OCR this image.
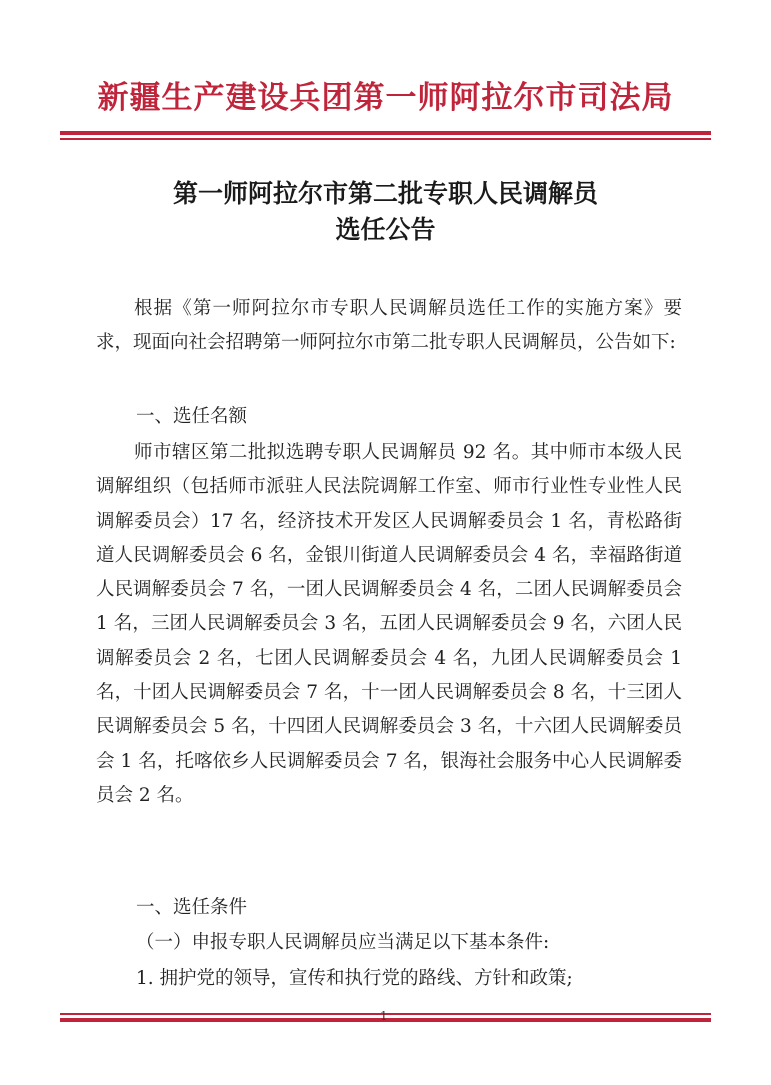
新疆生产建设兵团第一师阿拉尔市司法局
第一师阿拉尔市第二批专职人民调解员
选任公告
根据《第一师阿拉尔市专职人民调解员选任工作的实施方案》要求，现面向社会招聘第一师阿拉尔市第二批专职人民调解员，公告如下:
一、选任名额
师市辖区第二批拟选聘专职人民调解员 92 名。其中师市本级人民调解组织（包括师市派驻人民法院调解工作室、师市行业性专业性人民调解委员会）17 名，经济技术开发区人民调解委员会 1 名，青松路街道人民调解委员会 6 名，金银川街道人民调解委员会 4 名，幸福路街道人民调解委员会 7 名，一团人民调解委员会 4 名，二团人民调解委员会 1 名，三团人民调解委员会 3 名，五团人民调解委员会 9 名，六团人民调解委员会 2 名，七团人民调解委员会 4 名，九团人民调解委员会 1 名，十团人民调解委员会 7 名，十一团人民调解委员会 8 名，十三团人民调解委员会 5 名，十四团人民调解委员会 3 名，十六团人民调解委员会 1 名，托喀依乡人民调解委员会 7 名，银海社会服务中心人民调解委员会 2 名。
一、选任条件
（一）申报专职人民调解员应当满足以下基本条件:
1. 拥护党的领导，宣传和执行党的路线、方针和政策;
1
